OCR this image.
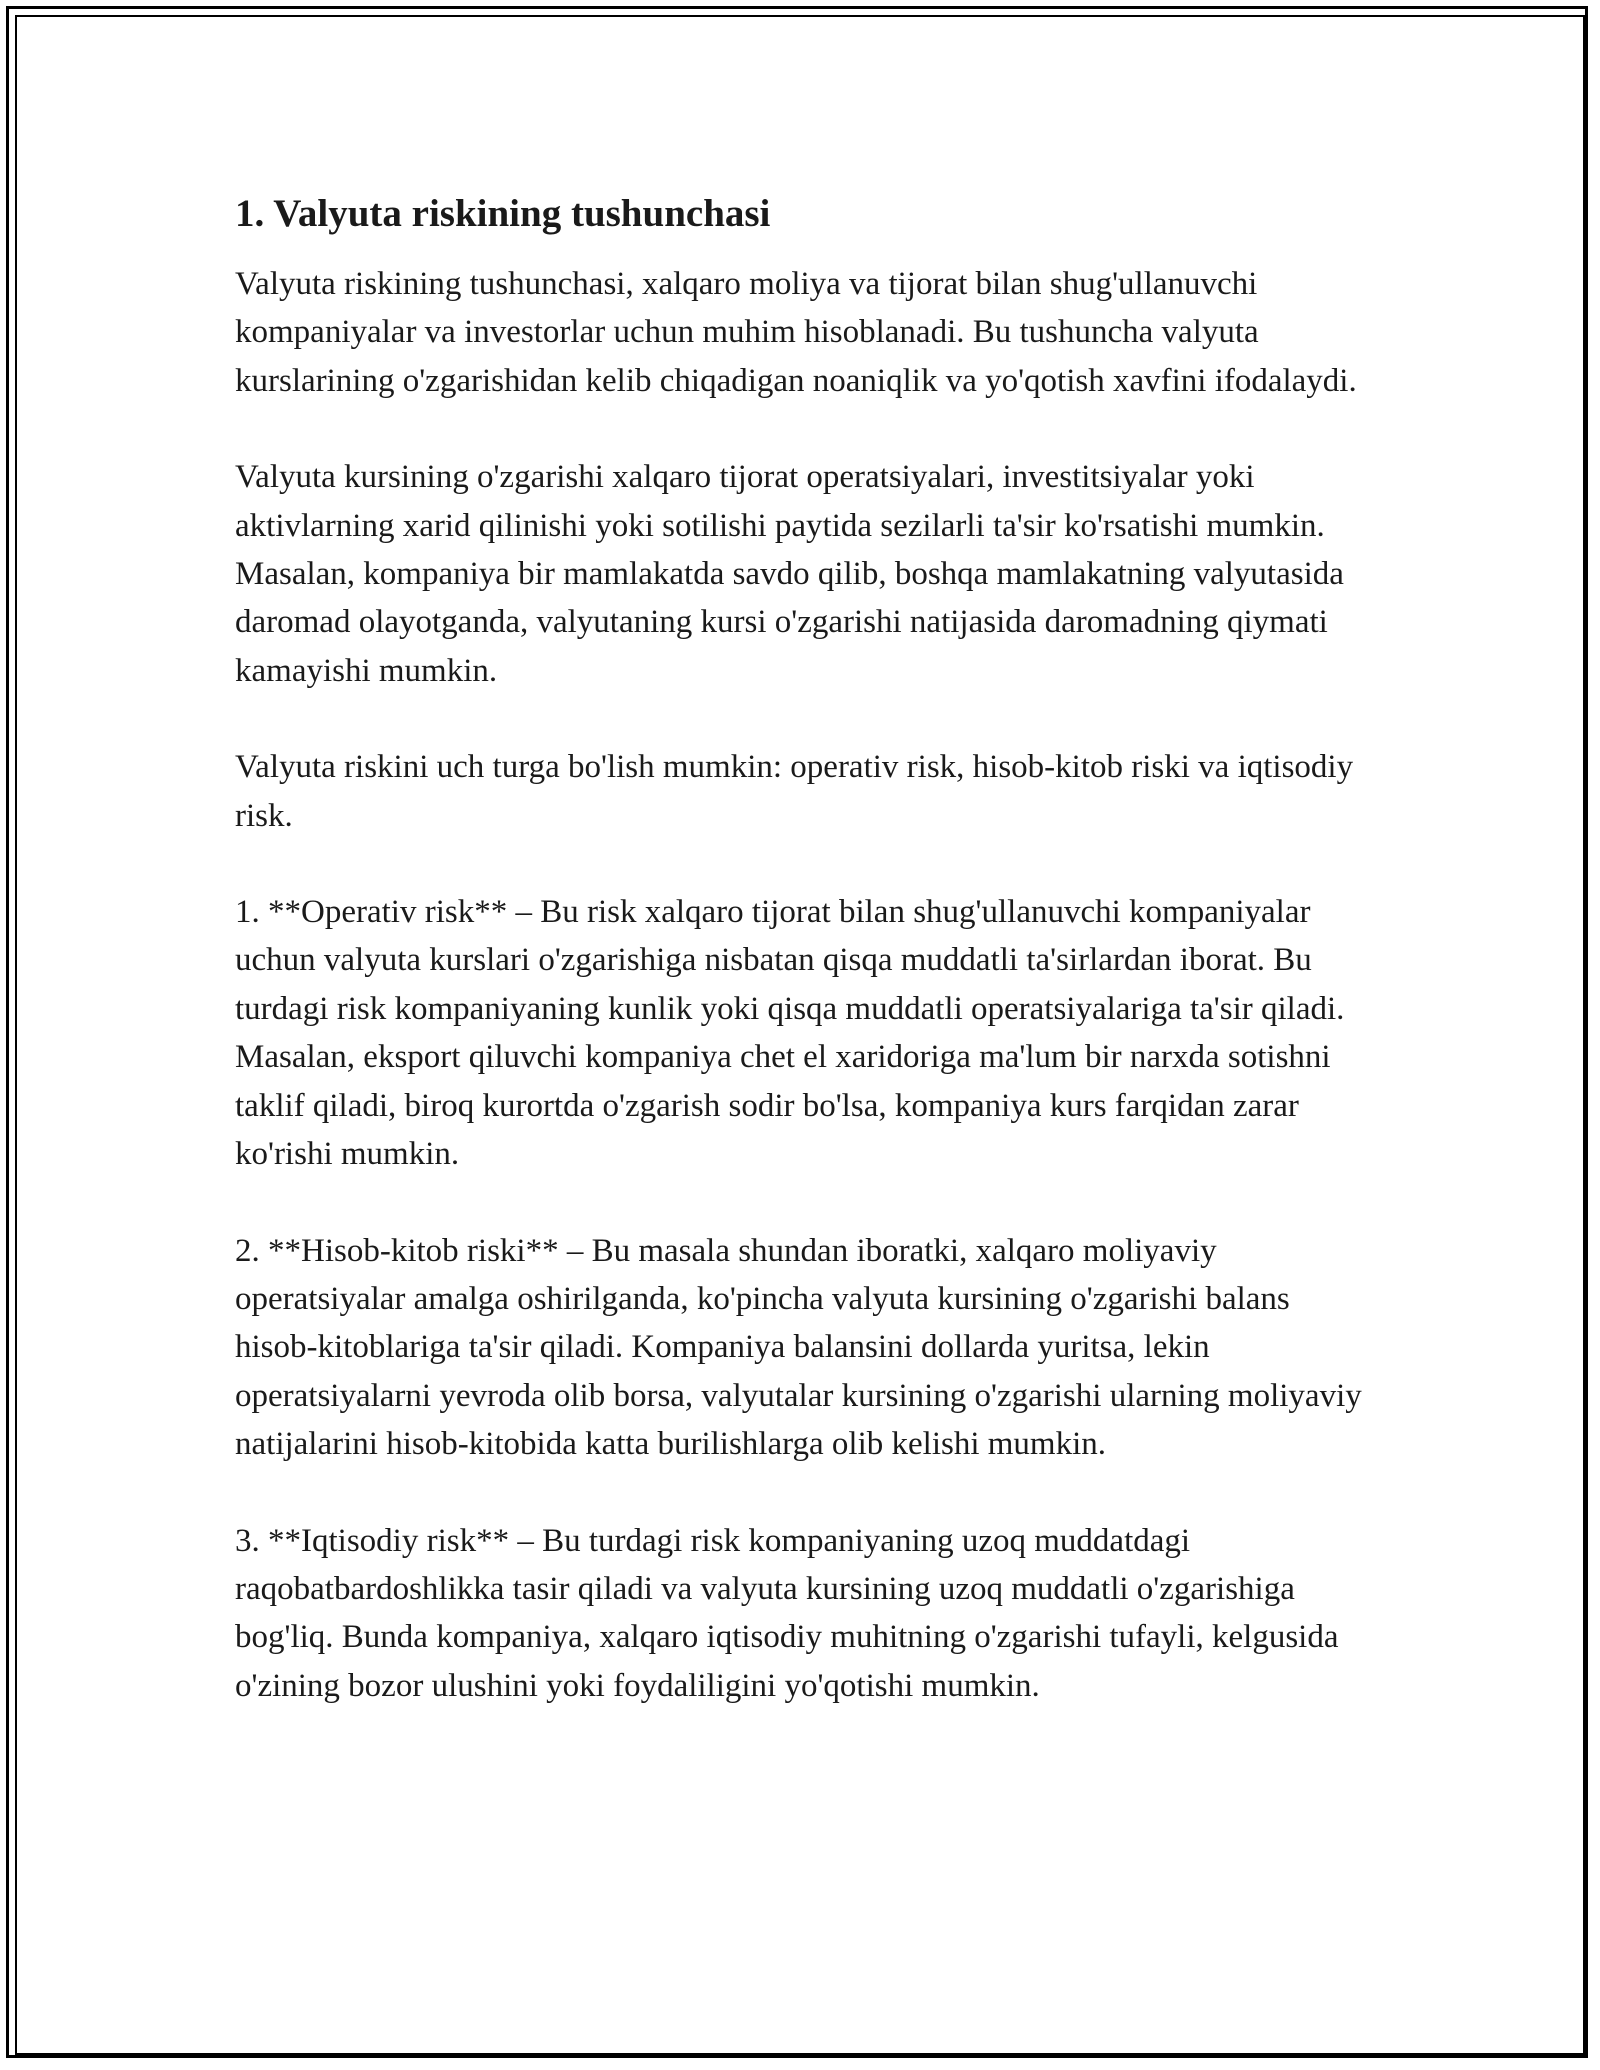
1. Valyuta riskining tushunchasi

Valyuta riskining tushunchasi, xalqaro moliya va tijorat bilan shug'ullanuvchi kompaniyalar va investorlar uchun muhim hisoblanadi. Bu tushuncha valyuta kurslarining o'zgarishidan kelib chiqadigan noaniqlik va yo'qotish xavfini ifodalaydi.

Valyuta kursining o'zgarishi xalqaro tijorat operatsiyalari, investitsiyalar yoki aktivlarning xarid qilinishi yoki sotilishi paytida sezilarli ta'sir ko'rsatishi mumkin. Masalan, kompaniya bir mamlakatda savdo qilib, boshqa mamlakatning valyutasida daromad olayotganda, valyutaning kursi o'zgarishi natijasida daromadning qiymati kamayishi mumkin.

Valyuta riskini uch turga bo'lish mumkin: operativ risk, hisob-kitob riski va iqtisodiy risk.

1. **Operativ risk** – Bu risk xalqaro tijorat bilan shug'ullanuvchi kompaniyalar uchun valyuta kurslari o'zgarishiga nisbatan qisqa muddatli ta'sirlardan iborat. Bu turdagi risk kompaniyaning kunlik yoki qisqa muddatli operatsiyalariga ta'sir qiladi. Masalan, eksport qiluvchi kompaniya chet el xaridoriga ma'lum bir narxda sotishni taklif qiladi, biroq kurortda o'zgarish sodir bo'lsa, kompaniya kurs farqidan zarar ko'rishi mumkin.

2. **Hisob-kitob riski** – Bu masala shundan iboratki, xalqaro moliyaviy operatsiyalar amalga oshirilganda, ko'pincha valyuta kursining o'zgarishi balans hisob-kitoblariga ta'sir qiladi. Kompaniya balansini dollarda yuritsa, lekin operatsiyalarni yevroda olib borsa, valyutalar kursining o'zgarishi ularning moliyaviy natijalarini hisob-kitobida katta burilishlarga olib kelishi mumkin.

3. **Iqtisodiy risk** – Bu turdagi risk kompaniyaning uzoq muddatdagi raqobatbardoshlikka tasir qiladi va valyuta kursining uzoq muddatli o'zgarishiga bog'liq. Bunda kompaniya, xalqaro iqtisodiy muhitning o'zgarishi tufayli, kelgusida o'zining bozor ulushini yoki foydaliligini yo'qotishi mumkin.
